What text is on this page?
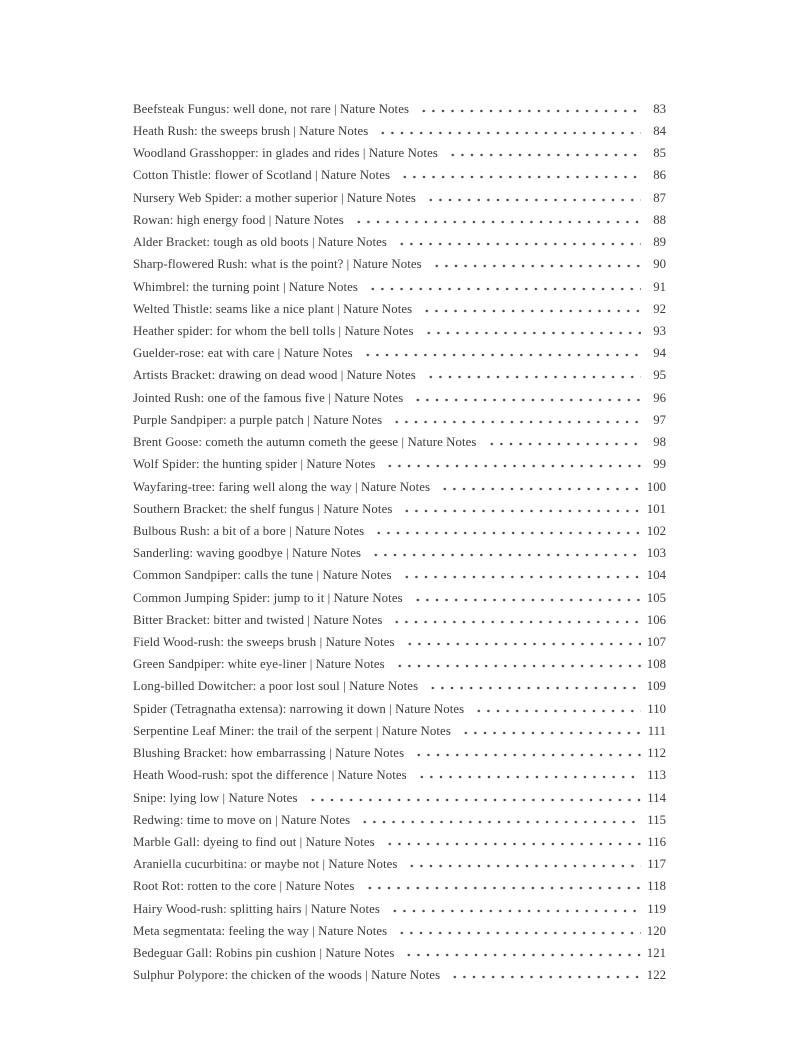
Beefsteak Fungus: well done, not rare | Nature Notes	83
Heath Rush: the sweeps brush | Nature Notes	84
Woodland Grasshopper: in glades and rides | Nature Notes	85
Cotton Thistle: flower of Scotland | Nature Notes	86
Nursery Web Spider: a mother superior | Nature Notes	87
Rowan: high energy food | Nature Notes	88
Alder Bracket: tough as old boots | Nature Notes	89
Sharp-flowered Rush: what is the point? | Nature Notes	90
Whimbrel: the turning point | Nature Notes	91
Welted Thistle: seams like a nice plant | Nature Notes	92
Heather spider: for whom the bell tolls | Nature Notes	93
Guelder-rose: eat with care | Nature Notes	94
Artists Bracket: drawing on dead wood | Nature Notes	95
Jointed Rush: one of the famous five | Nature Notes	96
Purple Sandpiper: a purple patch | Nature Notes	97
Brent Goose: cometh the autumn cometh the geese | Nature Notes	98
Wolf Spider: the hunting spider | Nature Notes	99
Wayfaring-tree: faring well along the way | Nature Notes	100
Southern Bracket: the shelf fungus | Nature Notes	101
Bulbous Rush: a bit of a bore | Nature Notes	102
Sanderling: waving goodbye | Nature Notes	103
Common Sandpiper: calls the tune | Nature Notes	104
Common Jumping Spider: jump to it | Nature Notes	105
Bitter Bracket: bitter and twisted | Nature Notes	106
Field Wood-rush: the sweeps brush | Nature Notes	107
Green Sandpiper: white eye-liner | Nature Notes	108
Long-billed Dowitcher: a poor lost soul | Nature Notes	109
Spider (Tetragnatha extensa): narrowing it down | Nature Notes	110
Serpentine Leaf Miner: the trail of the serpent | Nature Notes	111
Blushing Bracket: how embarrassing | Nature Notes	112
Heath Wood-rush: spot the difference | Nature Notes	113
Snipe: lying low | Nature Notes	114
Redwing: time to move on | Nature Notes	115
Marble Gall: dyeing to find out | Nature Notes	116
Araniella cucurbitina: or maybe not | Nature Notes	117
Root Rot: rotten to the core | Nature Notes	118
Hairy Wood-rush: splitting hairs | Nature Notes	119
Meta segmentata: feeling the way | Nature Notes	120
Bedeguar Gall: Robins pin cushion | Nature Notes	121
Sulphur Polypore: the chicken of the woods | Nature Notes	122
